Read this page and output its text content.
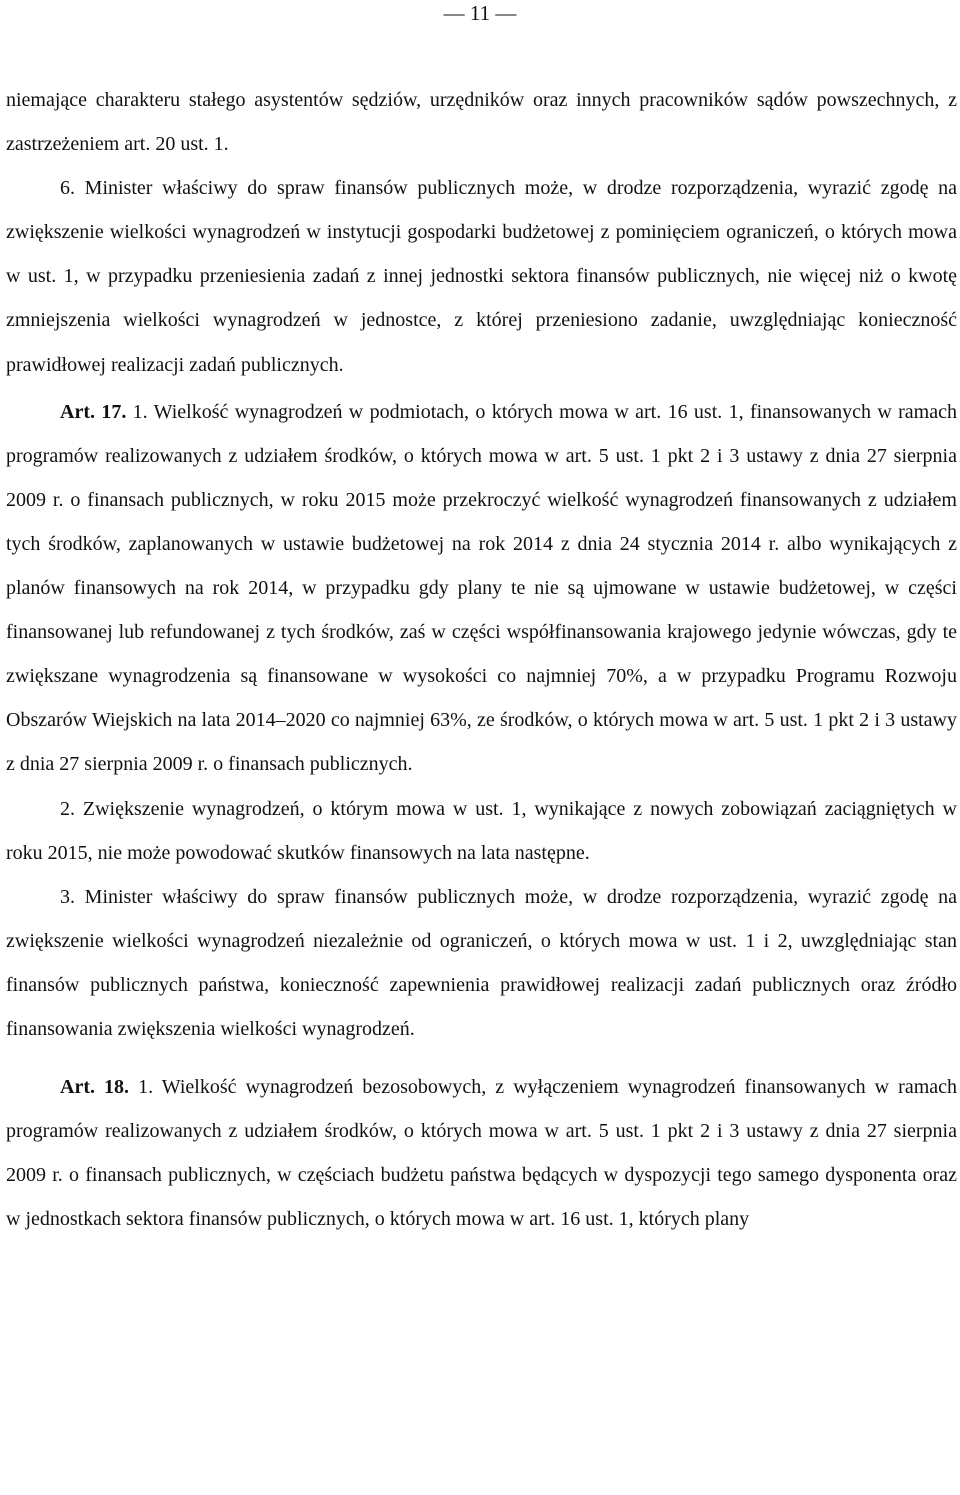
— 11 —

niemające charakteru stałego asystentów sędziów, urzędników oraz innych pracowników sądów powszechnych, z zastrzeżeniem art. 20 ust. 1.

6. Minister właściwy do spraw finansów publicznych może, w drodze rozporządzenia, wyrazić zgodę na zwiększenie wielkości wynagrodzeń w instytucji gospodarki budżetowej z pominięciem ograniczeń, o których mowa w ust. 1, w przypadku przeniesienia zadań z innej jednostki sektora finansów publicznych, nie więcej niż o kwotę zmniejszenia wielkości wynagrodzeń w jednostce, z której przeniesiono zadanie, uwzględniając konieczność prawidłowej realizacji zadań publicznych.

Art. 17. 1. Wielkość wynagrodzeń w podmiotach, o których mowa w art. 16 ust. 1, finansowanych w ramach programów realizowanych z udziałem środków, o których mowa w art. 5 ust. 1 pkt 2 i 3 ustawy z dnia 27 sierpnia 2009 r. o finansach publicznych, w roku 2015 może przekroczyć wielkość wynagrodzeń finansowanych z udziałem tych środków, zaplanowanych w ustawie budżetowej na rok 2014 z dnia 24 stycznia 2014 r. albo wynikających z planów finansowych na rok 2014, w przypadku gdy plany te nie są ujmowane w ustawie budżetowej, w części finansowanej lub refundowanej z tych środków, zaś w części współfinansowania krajowego jedynie wówczas, gdy te zwiększane wynagrodzenia są finansowane w wysokości co najmniej 70%, a w przypadku Programu Rozwoju Obszarów Wiejskich na lata 2014–2020 co najmniej 63%, ze środków, o których mowa w art. 5 ust. 1 pkt 2 i 3 ustawy z dnia 27 sierpnia 2009 r. o finansach publicznych.

2. Zwiększenie wynagrodzeń, o którym mowa w ust. 1, wynikające z nowych zobowiązań zaciągniętych w roku 2015, nie może powodować skutków finansowych na lata następne.

3. Minister właściwy do spraw finansów publicznych może, w drodze rozporządzenia, wyrazić zgodę na zwiększenie wielkości wynagrodzeń niezależnie od ograniczeń, o których mowa w ust. 1 i 2, uwzględniając stan finansów publicznych państwa, konieczność zapewnienia prawidłowej realizacji zadań publicznych oraz źródło finansowania zwiększenia wielkości wynagrodzeń.

Art. 18. 1. Wielkość wynagrodzeń bezosobowych, z wyłączeniem wynagrodzeń finansowanych w ramach programów realizowanych z udziałem środków, o których mowa w art. 5 ust. 1 pkt 2 i 3 ustawy z dnia 27 sierpnia 2009 r. o finansach publicznych, w częściach budżetu państwa będących w dyspozycji tego samego dysponenta oraz w jednostkach sektora finansów publicznych, o których mowa w art. 16 ust. 1, których plany
